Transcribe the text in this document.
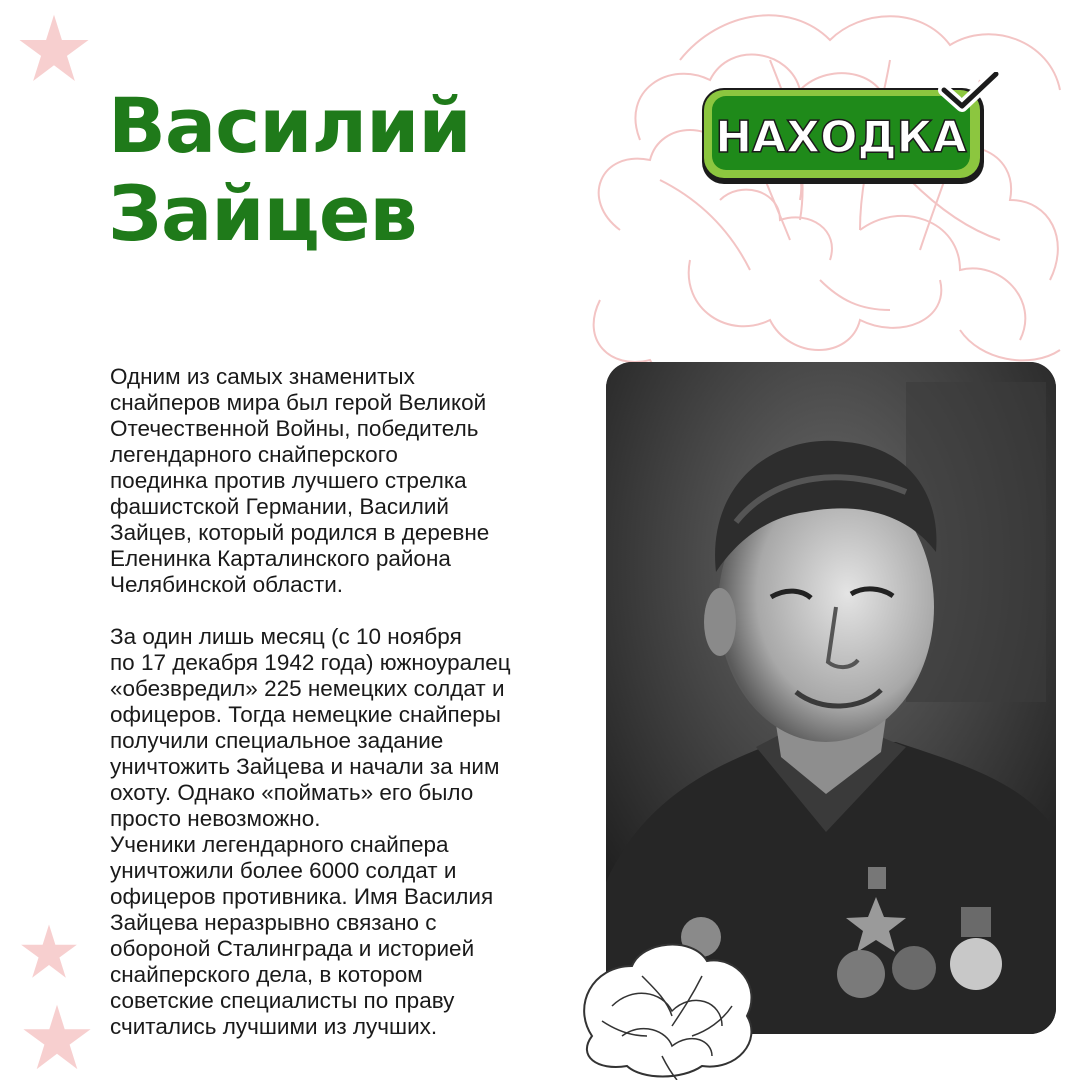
Василий
Зайцев
НАХОДКА

Одним из самых знаменитых
снайперов мира был герой Великой
Отечественной Войны, победитель
легендарного снайперского
поединка против лучшего стрелка
фашистской Германии, Василий
Зайцев, который родился в деревне
Еленинка Карталинского района
Челябинской области.

За один лишь месяц (с 10 ноября
по 17 декабря 1942 года) южноуралец
«обезвредил» 225 немецких солдат и
офицеров. Тогда немецкие снайперы
получили специальное задание
уничтожить Зайцева и начали за ним
охоту. Однако «поймать» его было
просто невозможно.

Ученики легендарного снайпера
уничтожили более 6000 солдат и
офицеров противника. Имя Василия
Зайцева неразрывно связано с
обороной Сталинграда и историей
снайперского дела, в котором
советские специалисты по праву
считались лучшими из лучших.
